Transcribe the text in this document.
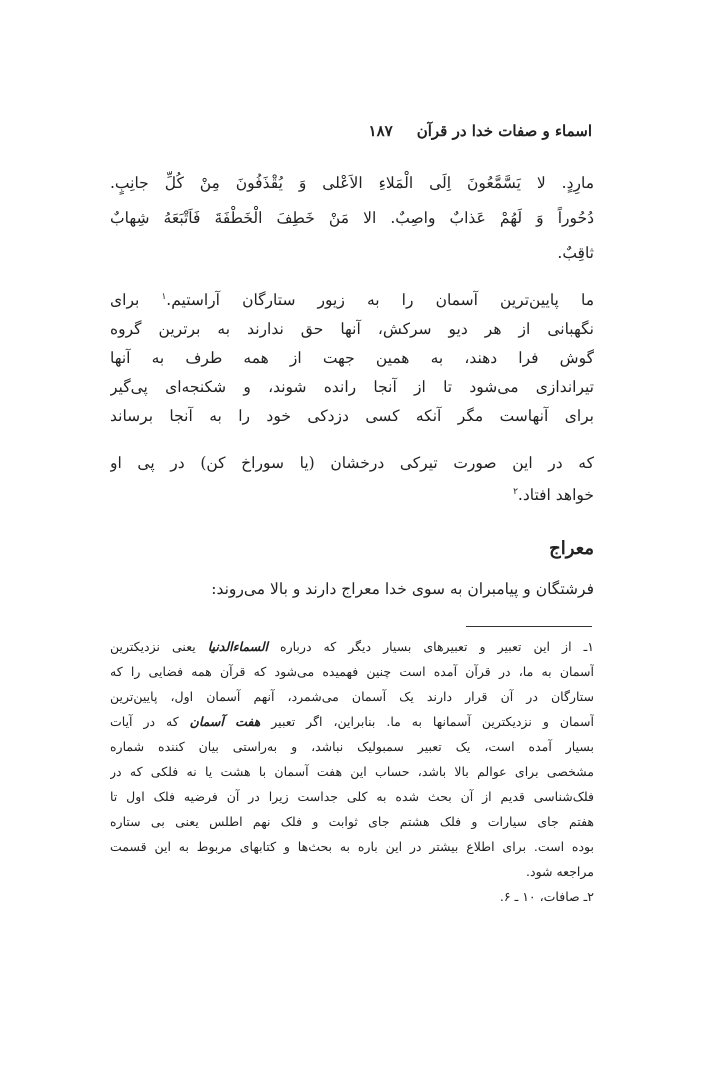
اسماء و صفات خدا در قرآن
۱۸۷
مارِدٍ. لا يَسَّمَّعُونَ اِلَى الْمَلاءِ الاَعْلى وَ يُقْذَفُونَ مِنْ كُلِّ جانِبٍ.
دُحُوراً وَ لَهُمْ عَذابٌ واصِبٌ. الا مَنْ خَطِفَ الْخَطْفَةَ فَاَتْبَعَهُ شِهابٌ
ثاقِبٌ.
ما پایین‌ترین آسمان را به زیور ستارگان آراستیم.$^۱$ برای
نگهبانی از هر دیو سرکش، آنها حق ندارند به برترین گروه
گوش فرا دهند، به همین جهت از همه طرف به آنها
تیراندازی می‌شود تا از آنجا رانده شوند، و شکنجه‌ای پی‌گیر
برای آنهاست مگر آنکه کسی دزدکی خود را به آنجا برساند
که در این صورت تیرکی درخشان (یا سوراخ کن) در پی او
خواهد افتاد.$^۲$
معراج
فرشتگان و پیامبران به سوی خدا معراج دارند و بالا می‌روند:
۱ـ از این تعبیر و تعبیرهای بسیار دیگر که درباره السماءالدنیا یعنی نزدیکترین
آسمان به ما، در قرآن آمده است چنین فهمیده می‌شود که قرآن همه فضایی را که
ستارگان در آن قرار دارند یک آسمان می‌شمرد، آنهم آسمان اول، پایین‌ترین
آسمان و نزدیکترین آسمانها به ما. بنابراین، اگر تعبیر هفت آسمان که در آیات
بسیار آمده است، یک تعبیر سمبولیک نباشد، و به‌راستی بیان کننده شماره
مشخصی برای عوالم بالا باشد، حساب این هفت آسمان با هشت یا نه فلکی که در
فلک‌شناسی قدیم از آن بحث شده به کلی جداست زیرا در آن فرضیه فلک اول تا
هفتم جای سیارات و فلک هشتم جای ثوابت و فلک نهم اطلس یعنی بی ستاره
بوده است. برای اطلاع بیشتر در این باره به بحث‌ها و کتابهای مربوط به این قسمت
مراجعه شود.
۲ـ صافات، ۱۰ ـ ۶.
